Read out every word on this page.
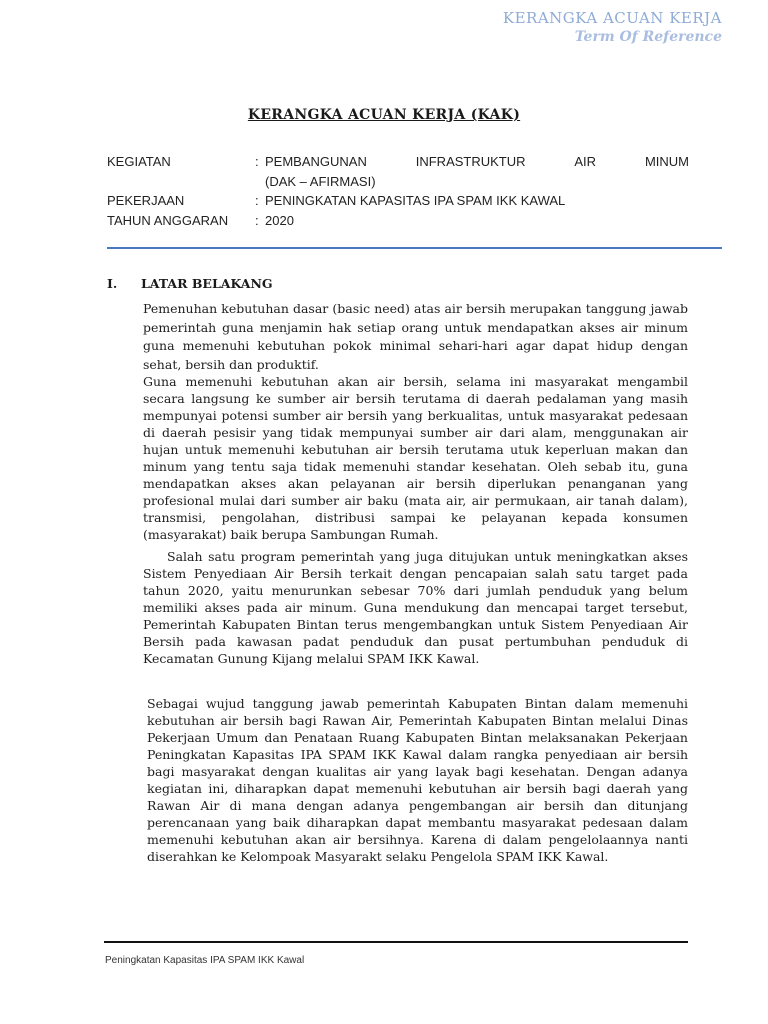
KERANGKA ACUAN KERJA
Term Of Reference
KERANGKA ACUAN KERJA (KAK)
KEGIATAN	: PEMBANGUNAN	INFRASTRUKTUR	AIR	MINUM
(DAK – AFIRMASI)
PEKERJAAN	: PENINGKATAN KAPASITAS IPA SPAM IKK KAWAL
TAHUN ANGGARAN	: 2020
I.	LATAR BELAKANG
Pemenuhan kebutuhan dasar (basic need) atas air bersih merupakan tanggung jawab pemerintah guna menjamin hak setiap orang untuk mendapatkan akses air minum guna memenuhi kebutuhan pokok minimal sehari-hari agar dapat hidup dengan sehat, bersih dan produktif.
Guna memenuhi kebutuhan akan air bersih, selama ini masyarakat mengambil secara langsung ke sumber air bersih terutama di daerah pedalaman yang masih mempunyai potensi sumber air bersih yang berkualitas, untuk masyarakat pedesaan di daerah pesisir yang tidak mempunyai sumber air dari alam, menggunakan air hujan untuk memenuhi kebutuhan air bersih terutama utuk keperluan makan dan minum yang tentu saja tidak memenuhi standar kesehatan. Oleh sebab itu, guna mendapatkan akses akan pelayanan air bersih diperlukan penanganan yang profesional mulai dari sumber air baku (mata air, air permukaan, air tanah dalam), transmisi, pengolahan, distribusi sampai ke pelayanan kepada konsumen (masyarakat) baik berupa Sambungan Rumah.
Salah satu program pemerintah yang juga ditujukan untuk meningkatkan akses Sistem Penyediaan Air Bersih terkait dengan pencapaian salah satu target pada tahun 2020, yaitu menurunkan sebesar 70% dari jumlah penduduk yang belum memiliki akses pada air minum. Guna mendukung dan mencapai target tersebut, Pemerintah Kabupaten Bintan terus mengembangkan untuk Sistem Penyediaan Air Bersih pada kawasan padat penduduk dan pusat pertumbuhan penduduk di Kecamatan Gunung Kijang melalui SPAM IKK Kawal.
Sebagai wujud tanggung jawab pemerintah Kabupaten Bintan dalam memenuhi kebutuhan air bersih bagi Rawan Air, Pemerintah Kabupaten Bintan melalui Dinas Pekerjaan Umum dan Penataan Ruang Kabupaten Bintan melaksanakan Pekerjaan Peningkatan Kapasitas IPA SPAM IKK Kawal dalam rangka penyediaan air bersih bagi masyarakat dengan kualitas air yang layak bagi kesehatan. Dengan adanya kegiatan ini, diharapkan dapat memenuhi kebutuhan air bersih bagi daerah yang Rawan Air di mana dengan adanya pengembangan air bersih dan ditunjang perencanaan yang baik diharapkan dapat membantu masyarakat pedesaan dalam memenuhi kebutuhan akan air bersihnya. Karena di dalam pengelolaannya nanti diserahkan ke Kelompoak Masyarakt selaku Pengelola SPAM IKK Kawal.
Peningkatan Kapasitas IPA SPAM IKK Kawal
